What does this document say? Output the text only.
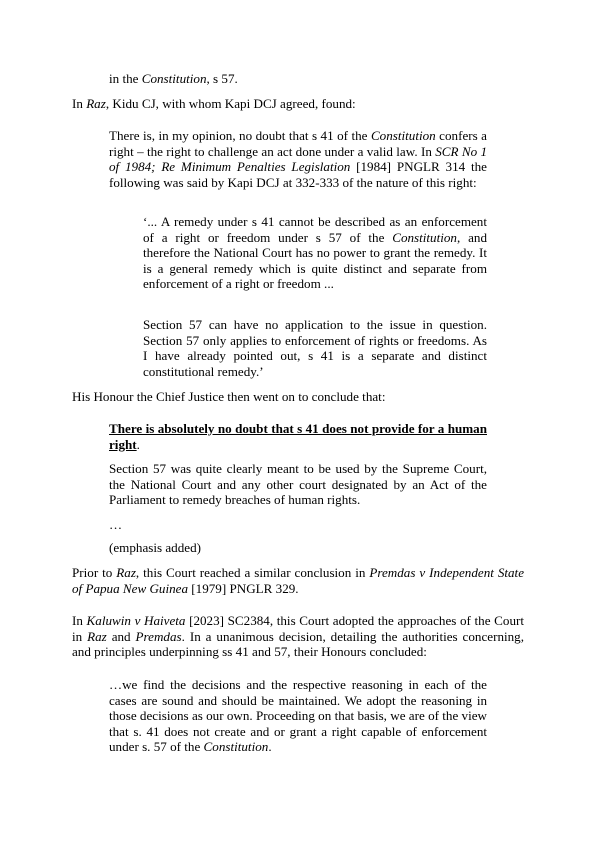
in the Constitution, s 57.

In Raz, Kidu CJ, with whom Kapi DCJ agreed, found:

There is, in my opinion, no doubt that s 41 of the Constitution confers a right – the right to challenge an act done under a valid law. In SCR No 1 of 1984; Re Minimum Penalties Legislation [1984] PNGLR 314 the following was said by Kapi DCJ at 332-333 of the nature of this right:

‘... A remedy under s 41 cannot be described as an enforcement of a right or freedom under s 57 of the Constitution, and therefore the National Court has no power to grant the remedy. It is a general remedy which is quite distinct and separate from enforcement of a right or freedom ...

Section 57 can have no application to the issue in question. Section 57 only applies to enforcement of rights or freedoms. As I have already pointed out, s 41 is a separate and distinct constitutional remedy.’

His Honour the Chief Justice then went on to conclude that:

There is absolutely no doubt that s 41 does not provide for a human right.

Section 57 was quite clearly meant to be used by the Supreme Court, the National Court and any other court designated by an Act of the Parliament to remedy breaches of human rights.

…

(emphasis added)

Prior to Raz, this Court reached a similar conclusion in Premdas v Independent State of Papua New Guinea [1979] PNGLR 329.

In Kaluwin v Haiveta [2023] SC2384, this Court adopted the approaches of the Court in Raz and Premdas. In a unanimous decision, detailing the authorities concerning, and principles underpinning ss 41 and 57, their Honours concluded:

…we find the decisions and the respective reasoning in each of the cases are sound and should be maintained. We adopt the reasoning in those decisions as our own. Proceeding on that basis, we are of the view that s. 41 does not create and or grant a right capable of enforcement under s. 57 of the Constitution.
